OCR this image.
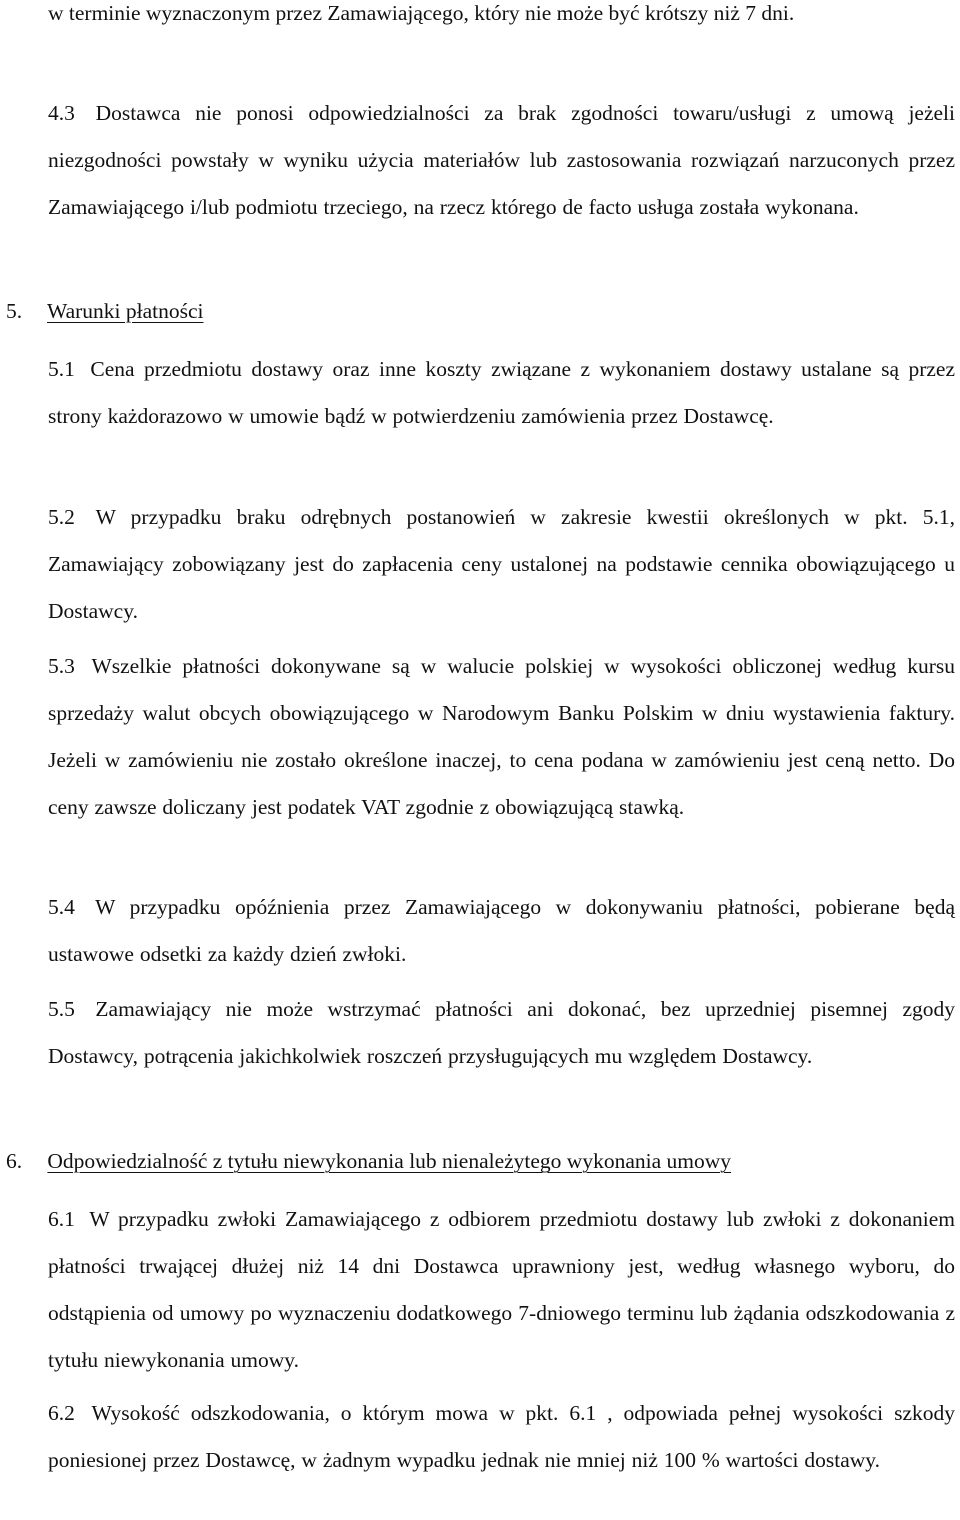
w terminie wyznaczonym przez Zamawiającego, który nie może być krótszy niż 7 dni.

4.3 Dostawca nie ponosi odpowiedzialności za brak zgodności towaru/usługi z umową jeżeli niezgodności powstały w wyniku użycia materiałów lub zastosowania rozwiązań narzuconych przez Zamawiającego i/lub podmiotu trzeciego, na rzecz którego de facto usługa została wykonana.

5. Warunki płatności

5.1 Cena przedmiotu dostawy oraz inne koszty związane z wykonaniem dostawy ustalane są przez strony każdorazowo w umowie bądź w potwierdzeniu zamówienia przez Dostawcę.

5.2 W przypadku braku odrębnych postanowień w zakresie kwestii określonych w pkt. 5.1, Zamawiający zobowiązany jest do zapłacenia ceny ustalonej na podstawie cennika obowiązującego u Dostawcy.

5.3 Wszelkie płatności dokonywane są w walucie polskiej w wysokości obliczonej według kursu sprzedaży walut obcych obowiązującego w Narodowym Banku Polskim w dniu wystawienia faktury. Jeżeli w zamówieniu nie zostało określone inaczej, to cena podana w zamówieniu jest ceną netto. Do ceny zawsze doliczany jest podatek VAT zgodnie z obowiązującą stawką.

5.4 W przypadku opóźnienia przez Zamawiającego w dokonywaniu płatności, pobierane będą ustawowe odsetki za każdy dzień zwłoki.

5.5 Zamawiający nie może wstrzymać płatności ani dokonać, bez uprzedniej pisemnej zgody Dostawcy, potrącenia jakichkolwiek roszczeń przysługujących mu względem Dostawcy.

6. Odpowiedzialność z tytułu niewykonania lub nienależytego wykonania umowy

6.1 W przypadku zwłoki Zamawiającego z odbiorem przedmiotu dostawy lub zwłoki z dokonaniem płatności trwającej dłużej niż 14 dni Dostawca uprawniony jest, według własnego wyboru, do odstąpienia od umowy po wyznaczeniu dodatkowego 7-dniowego terminu lub żądania odszkodowania z tytułu niewykonania umowy.

6.2 Wysokość odszkodowania, o którym mowa w pkt. 6.1 , odpowiada pełnej wysokości szkody poniesionej przez Dostawcę, w żadnym wypadku jednak nie mniej niż 100 % wartości dostawy.
